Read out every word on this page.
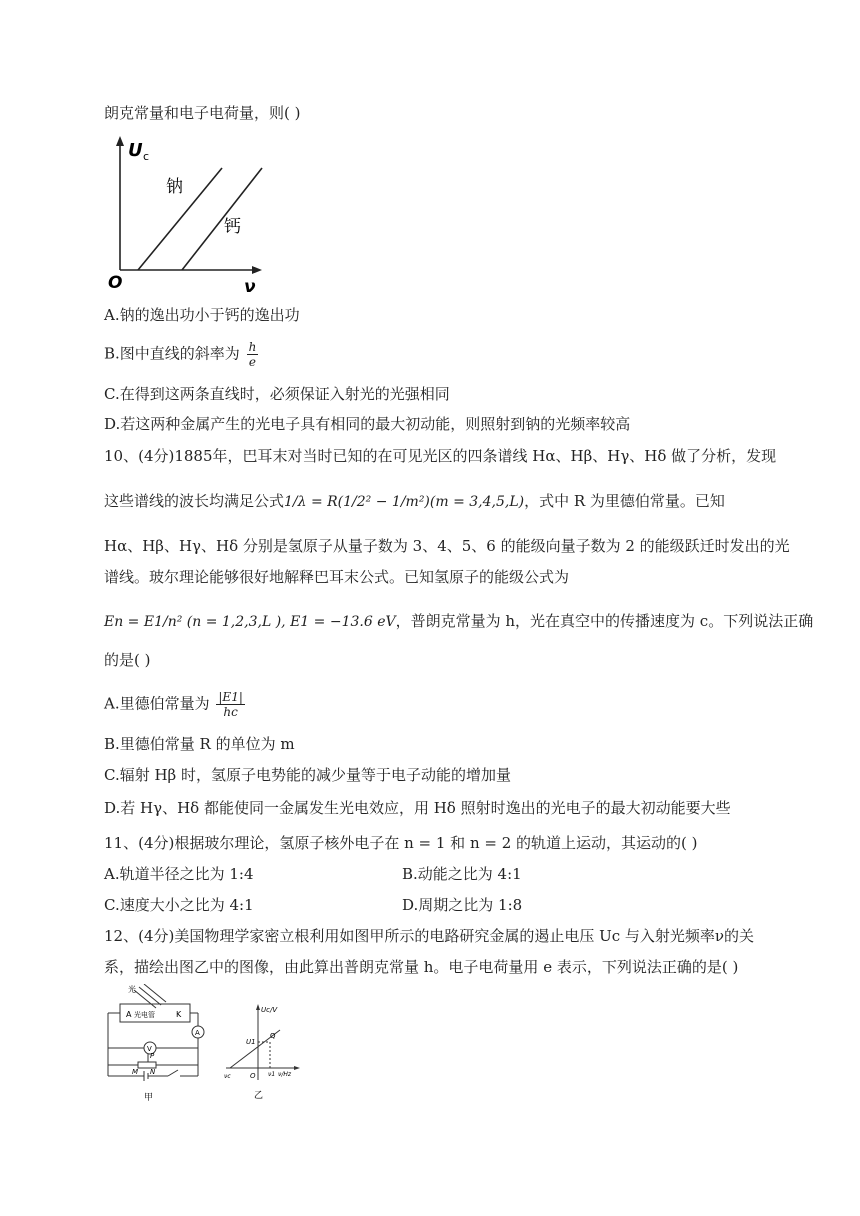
朗克常量和电子电荷量，则( )
U c
O	ν
钠
钙
A.钠的逸出功小于钙的逸出功
B.图中直线的斜率为 $\frac{h}{e}$
C.在得到这两条直线时，必须保证入射光的光强相同
D.若这两种金属产生的光电子具有相同的最大初动能，则照射到钠的光频率较高
10、(4分)1885年，巴耳末对当时已知的在可见光区的四条谱线 Hα、Hβ、Hγ、Hδ 做了分析，发现
这些谱线的波长均满足公式1/λ = R(1/2² − 1/m²)(m = 3,4,5,L)，式中 R 为里德伯常量。已知
Hα、Hβ、Hγ、Hδ 分别是氢原子从量子数为 3、4、5、6 的能级向量子数为 2 的能级跃迁时发出的光
谱线。玻尔理论能够很好地解释巴耳末公式。已知氢原子的能级公式为
En = E1/n² (n = 1,2,3,L ), E1 = −13.6 eV，普朗克常量为 h，光在真空中的传播速度为 c。下列说法正确
的是( )
A.里德伯常量为 $\frac{|E1|}{hc}$
B.里德伯常量 R 的单位为 m
C.辐射 Hβ 时，氢原子电势能的减少量等于电子动能的增加量
D.若 Hγ、Hδ 都能使同一金属发生光电效应，用 Hδ 照射时逸出的光电子的最大初动能要大些
11、(4分)根据玻尔理论，氢原子核外电子在 n = 1 和 n = 2 的轨道上运动，其运动的( )
A.轨道半径之比为 1:4	B.动能之比为 4:1
C.速度大小之比为 4:1	D.周期之比为 1:8
12、(4分)美国物理学家密立根利用如图甲所示的电路研究金属的遏止电压 Uc 与入射光频率ν的关
系，描绘出图乙中的图像，由此算出普朗克常量 h。电子电荷量用 e 表示，下列说法正确的是( )
A 光电管	K
光
A
V
P
M N
甲
Uc/V
U1
Q
O
νc	ν1 ν/Hz
乙
